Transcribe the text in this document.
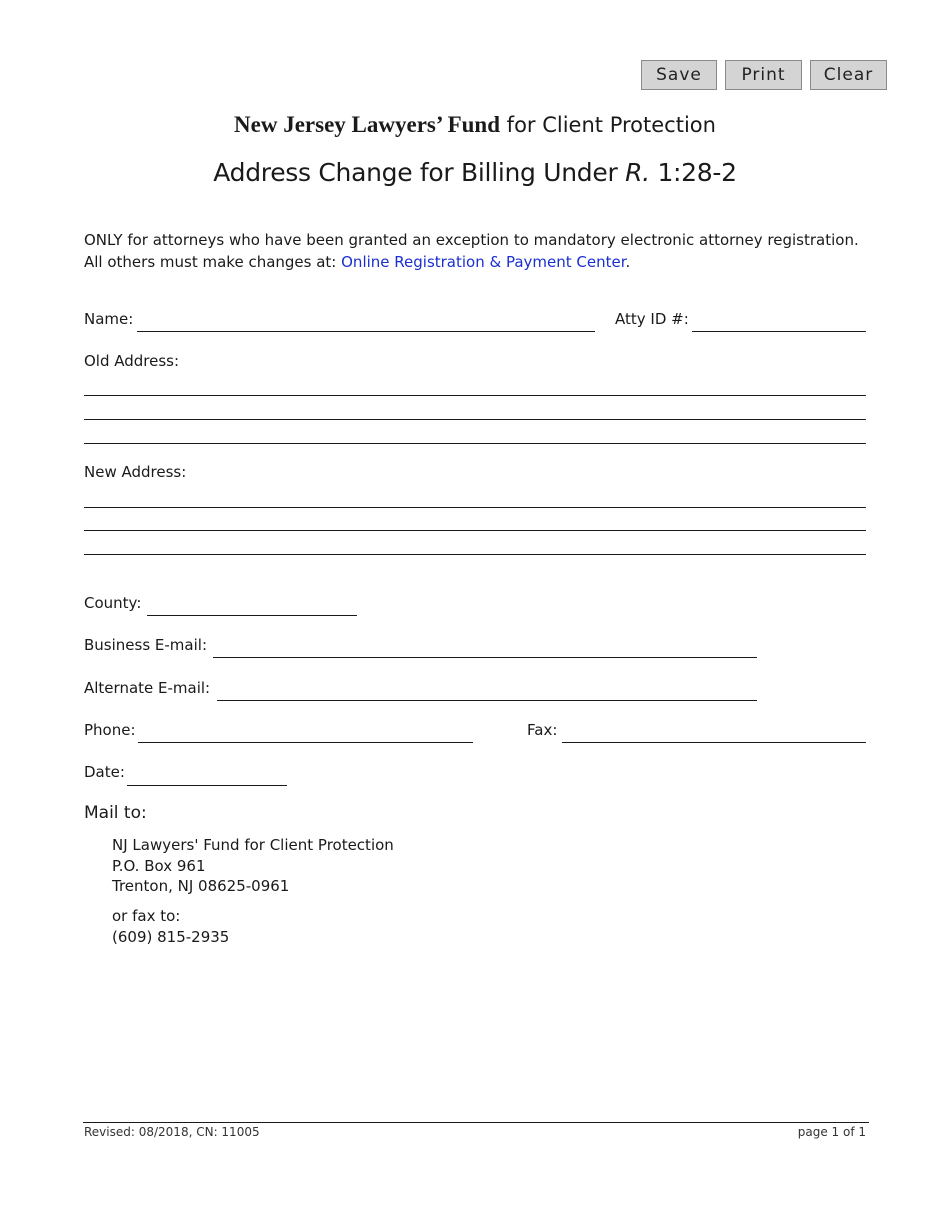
Save	Print	Clear
New Jersey Lawyers’ Fund for Client Protection
Address Change for Billing Under R. 1:28-2
ONLY for attorneys who have been granted an exception to mandatory electronic attorney registration.
All others must make changes at: Online Registration & Payment Center.
Name:	Atty ID #:
Old Address:
New Address:
County:
Business E-mail:
Alternate E-mail:
Phone:	Fax:
Date:
Mail to:
NJ Lawyers' Fund for Client Protection
P.O. Box 961
Trenton, NJ 08625-0961
or fax to:
(609) 815-2935
Revised: 08/2018, CN: 11005	page 1 of 1
